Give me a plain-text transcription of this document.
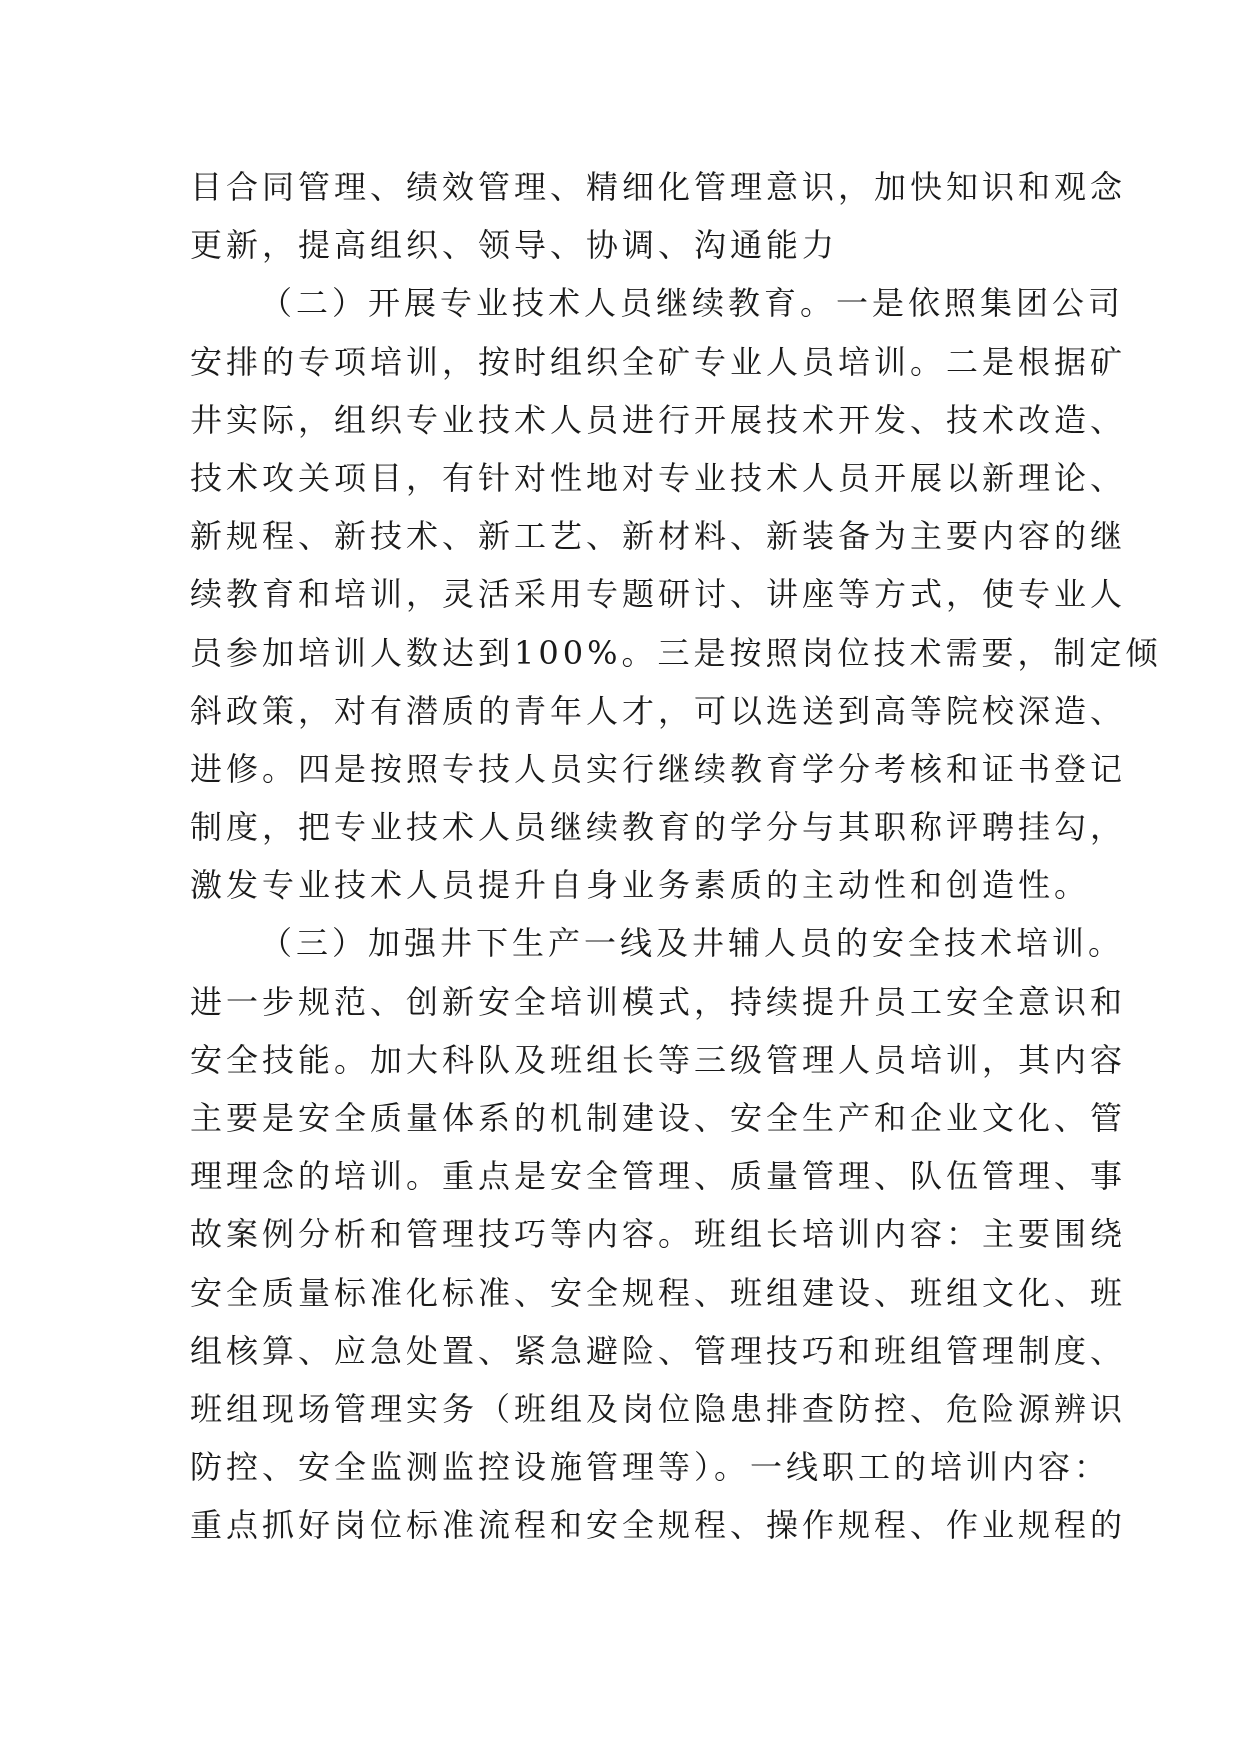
目合同管理、绩效管理、精细化管理意识，加快知识和观念
更新，提高组织、领导、协调、沟通能力
（二）开展专业技术人员继续教育。一是依照集团公司
安排的专项培训，按时组织全矿专业人员培训。二是根据矿
井实际，组织专业技术人员进行开展技术开发、技术改造、
技术攻关项目，有针对性地对专业技术人员开展以新理论、
新规程、新技术、新工艺、新材料、新装备为主要内容的继
续教育和培训，灵活采用专题研讨、讲座等方式，使专业人
员参加培训人数达到100%。三是按照岗位技术需要，制定倾
斜政策，对有潜质的青年人才，可以选送到高等院校深造、
进修。四是按照专技人员实行继续教育学分考核和证书登记
制度，把专业技术人员继续教育的学分与其职称评聘挂勾，
激发专业技术人员提升自身业务素质的主动性和创造性。
（三）加强井下生产一线及井辅人员的安全技术培训。
进一步规范、创新安全培训模式，持续提升员工安全意识和
安全技能。加大科队及班组长等三级管理人员培训，其内容
主要是安全质量体系的机制建设、安全生产和企业文化、管
理理念的培训。重点是安全管理、质量管理、队伍管理、事
故案例分析和管理技巧等内容。班组长培训内容：主要围绕
安全质量标准化标准、安全规程、班组建设、班组文化、班
组核算、应急处置、紧急避险、管理技巧和班组管理制度、
班组现场管理实务（班组及岗位隐患排查防控、危险源辨识
防控、安全监测监控设施管理等）。一线职工的培训内容：
重点抓好岗位标准流程和安全规程、操作规程、作业规程的
